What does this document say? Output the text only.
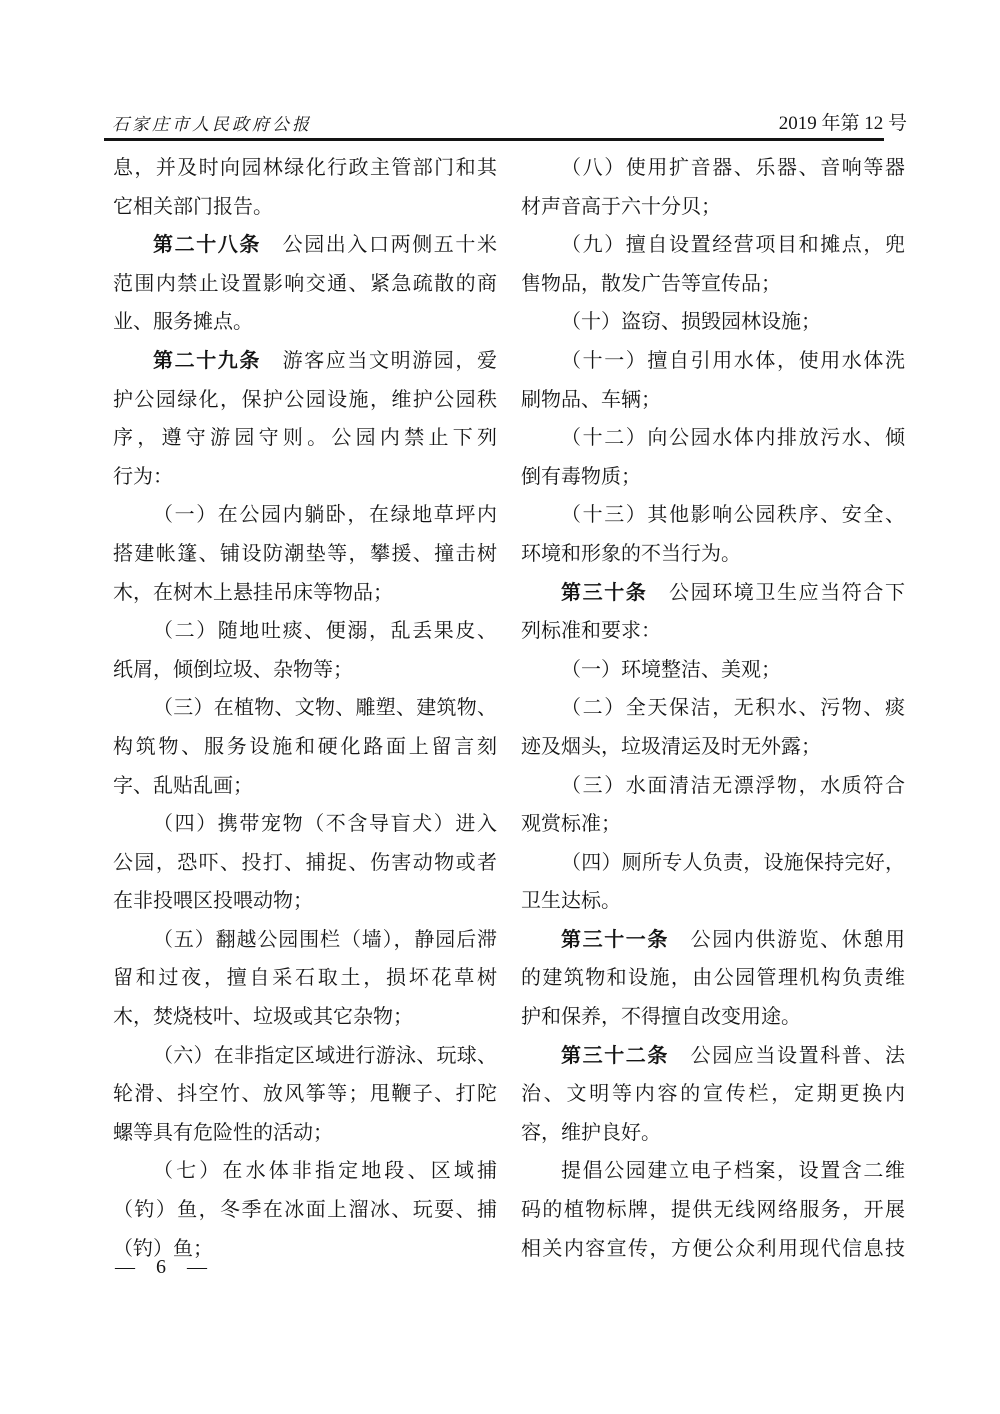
石家庄市人民政府公报	2019 年第 12 号
息，并及时向园林绿化行政主管部门和其
它相关部门报告。
第二十八条　公园出入口两侧五十米
范围内禁止设置影响交通、紧急疏散的商
业、服务摊点。
第二十九条　游客应当文明游园，爱
护公园绿化，保护公园设施，维护公园秩
序，遵守游园守则。公园内禁止下列
行为：
（一）在公园内躺卧，在绿地草坪内
搭建帐篷、铺设防潮垫等，攀援、撞击树
木，在树木上悬挂吊床等物品；
（二）随地吐痰、便溺，乱丢果皮、
纸屑，倾倒垃圾、杂物等；
（三）在植物、文物、雕塑、建筑物、
构筑物、服务设施和硬化路面上留言刻
字、乱贴乱画；
（四）携带宠物（不含导盲犬）进入
公园，恐吓、投打、捕捉、伤害动物或者
在非投喂区投喂动物；
（五）翻越公园围栏（墙），静园后滞
留和过夜，擅自采石取土，损坏花草树
木，焚烧枝叶、垃圾或其它杂物；
（六）在非指定区域进行游泳、玩球、
轮滑、抖空竹、放风筝等；甩鞭子、打陀
螺等具有危险性的活动；
（七）在水体非指定地段、区域捕
（钓）鱼，冬季在冰面上溜冰、玩耍、捕
（钓）鱼；
（八）使用扩音器、乐器、音响等器
材声音高于六十分贝；
（九）擅自设置经营项目和摊点，兜
售物品，散发广告等宣传品；
（十）盗窃、损毁园林设施；
（十一）擅自引用水体，使用水体洗
刷物品、车辆；
（十二）向公园水体内排放污水、倾
倒有毒物质；
（十三）其他影响公园秩序、安全、
环境和形象的不当行为。
第三十条　公园环境卫生应当符合下
列标准和要求：
（一）环境整洁、美观；
（二）全天保洁，无积水、污物、痰
迹及烟头，垃圾清运及时无外露；
（三）水面清洁无漂浮物，水质符合
观赏标准；
（四）厕所专人负责，设施保持完好，
卫生达标。
第三十一条　公园内供游览、休憩用
的建筑物和设施，由公园管理机构负责维
护和保养，不得擅自改变用途。
第三十二条　公园应当设置科普、法
治、文明等内容的宣传栏，定期更换内
容，维护良好。
提倡公园建立电子档案，设置含二维
码的植物标牌，提供无线网络服务，开展
相关内容宣传，方便公众利用现代信息技
— 6 —
